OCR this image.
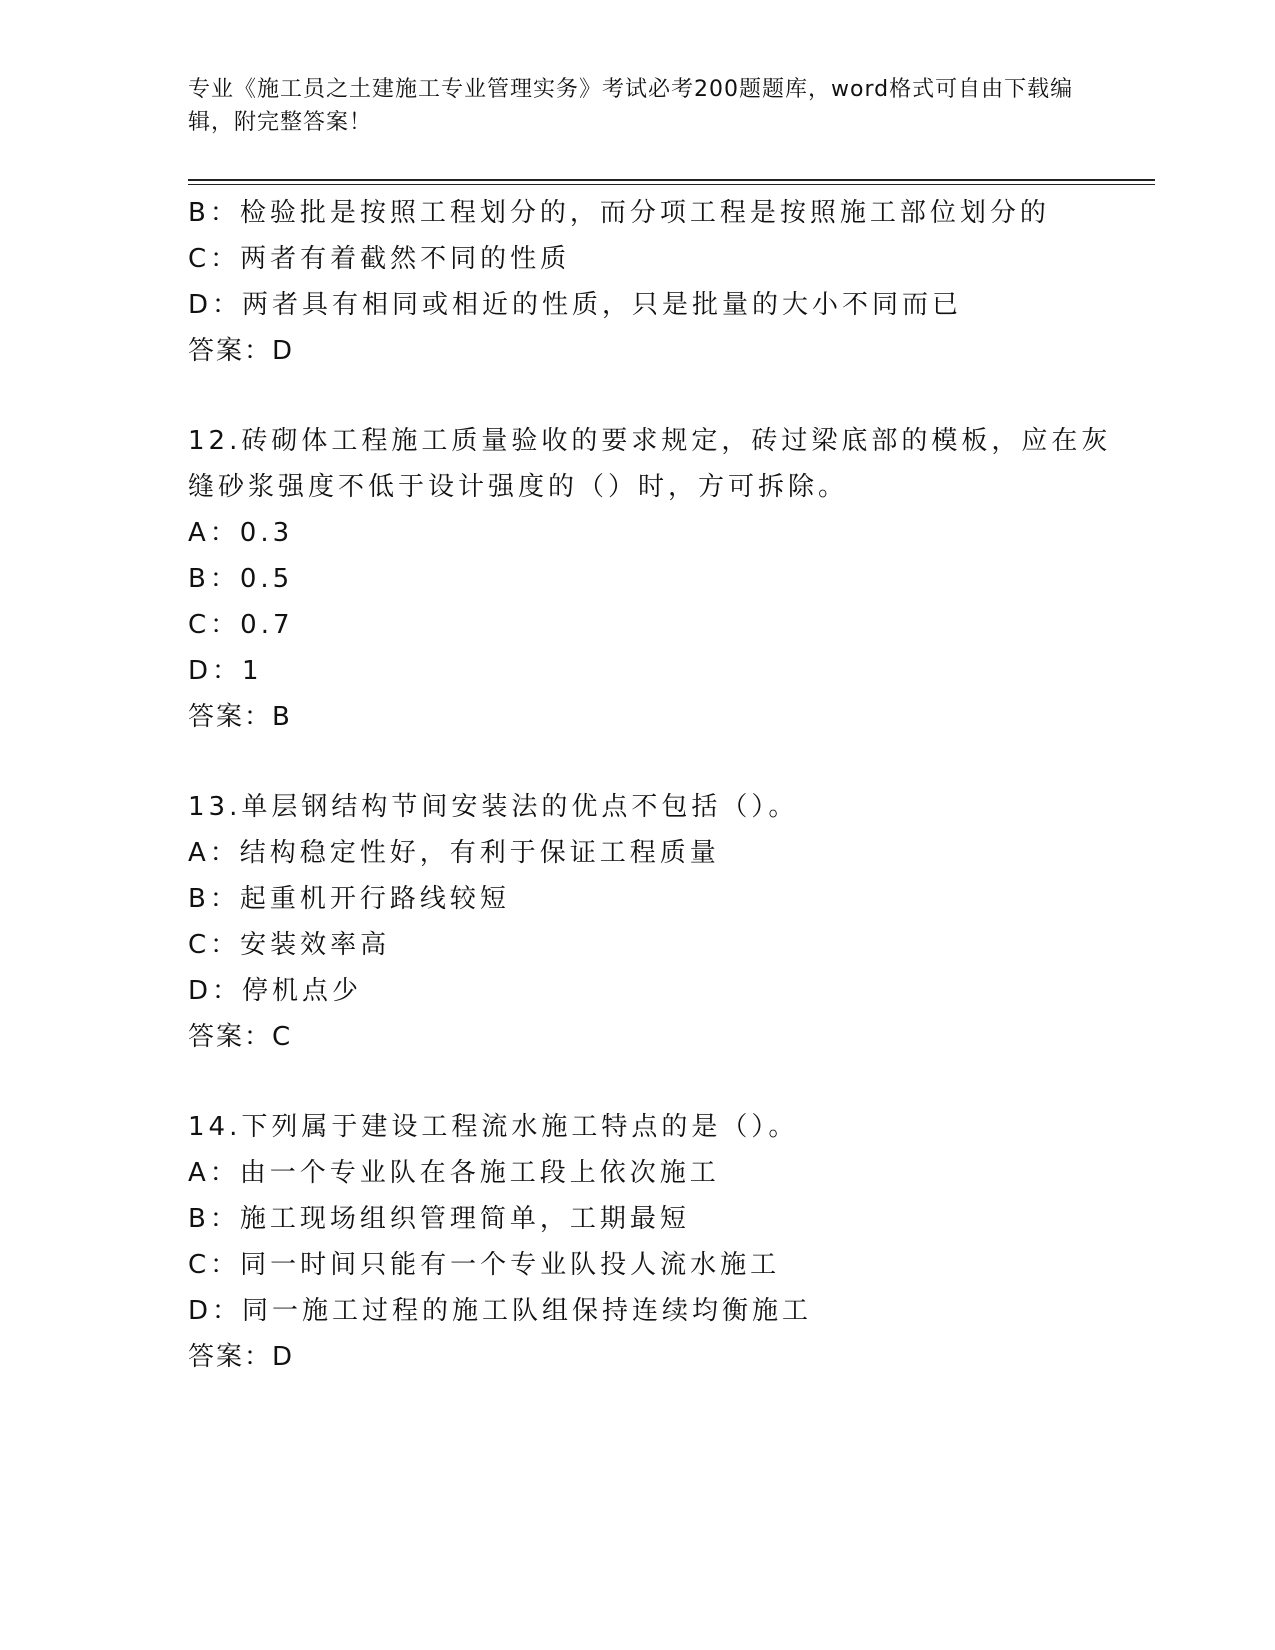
专业《施工员之土建施工专业管理实务》考试必考200题题库，word格式可自由下载编辑，附完整答案！
B：检验批是按照工程划分的，而分项工程是按照施工部位划分的
C：两者有着截然不同的性质
D：两者具有相同或相近的性质，只是批量的大小不同而已
答案：D
12.砖砌体工程施工质量验收的要求规定，砖过梁底部的模板，应在灰
缝砂浆强度不低于设计强度的（）时，方可拆除。
A：0.3
B：0.5
C：0.7
D：1
答案：B
13.单层钢结构节间安装法的优点不包括（）。
A：结构稳定性好，有利于保证工程质量
B：起重机开行路线较短
C：安装效率高
D：停机点少
答案：C
14.下列属于建设工程流水施工特点的是（）。
A：由一个专业队在各施工段上依次施工
B：施工现场组织管理简单，工期最短
C：同一时间只能有一个专业队投人流水施工
D：同一施工过程的施工队组保持连续均衡施工
答案：D
